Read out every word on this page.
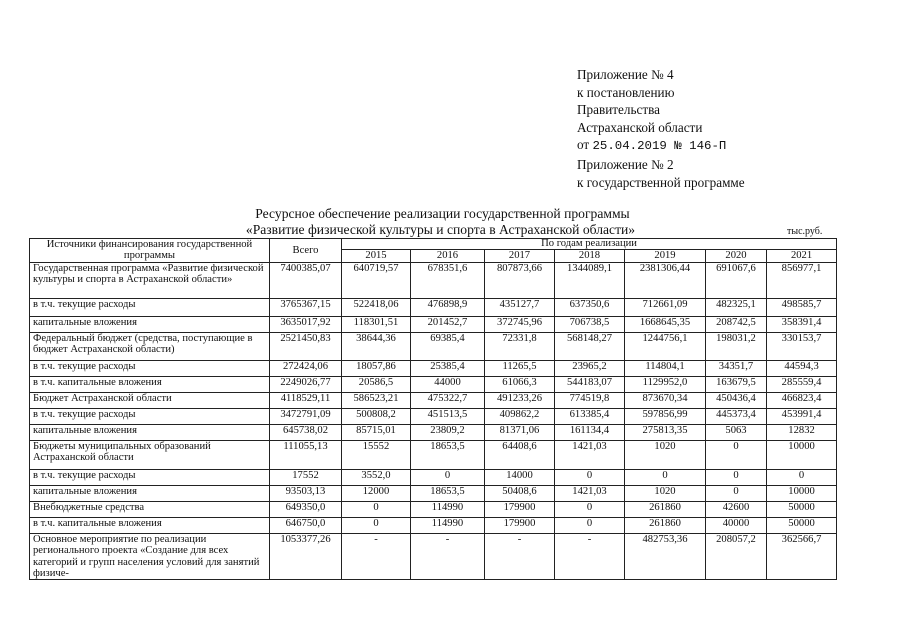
Приложение № 4
к постановлению
Правительства
Астраханской области
от 25.04.2019 № 146-П
Приложение № 2
к государственной программе
Ресурсное обеспечение реализации государственной программы
«Развитие физической культуры и спорта в Астраханской области»	тыс.руб.
Источники финансирования государственной программы	Всего	По годам реализации						
		2015	2016	2017	2018	2019	2020	2021
Государственная программа «Развитие физической культуры и спорта в Астраханской области»	7400385,07	640719,57	678351,6	807873,66	1344089,1	2381306,44	691067,6	856977,1
в т.ч. текущие расходы	3765367,15	522418,06	476898,9	435127,7	637350,6	712661,09	482325,1	498585,7
капитальные вложения	3635017,92	118301,51	201452,7	372745,96	706738,5	1668645,35	208742,5	358391,4
Федеральный бюджет (средства, поступающие в бюджет Астраханской области)	2521450,83	38644,36	69385,4	72331,8	568148,27	1244756,1	198031,2	330153,7
в т.ч. текущие расходы	272424,06	18057,86	25385,4	11265,5	23965,2	114804,1	34351,7	44594,3
в т.ч. капитальные вложения	2249026,77	20586,5	44000	61066,3	544183,07	1129952,0	163679,5	285559,4
Бюджет Астраханской области	4118529,11	586523,21	475322,7	491233,26	774519,8	873670,34	450436,4	466823,4
в т.ч. текущие расходы	3472791,09	500808,2	451513,5	409862,2	613385,4	597856,99	445373,4	453991,4
капитальные вложения	645738,02	85715,01	23809,2	81371,06	161134,4	275813,35	5063	12832
Бюджеты муниципальных образований Астраханской области	111055,13	15552	18653,5	64408,6	1421,03	1020	0	10000
в т.ч. текущие расходы	17552	3552,0	0	14000	0	0	0	0
капитальные вложения	93503,13	12000	18653,5	50408,6	1421,03	1020	0	10000
Внебюджетные средства	649350,0	0	114990	179900	0	261860	42600	50000
в т.ч. капитальные вложения	646750,0	0	114990	179900	0	261860	40000	50000
Основное мероприятие по реализации регионального проекта «Создание для всех категорий и групп населения условий для занятий физиче-	1053377,26	-	-	-	-	482753,36	208057,2	362566,7
